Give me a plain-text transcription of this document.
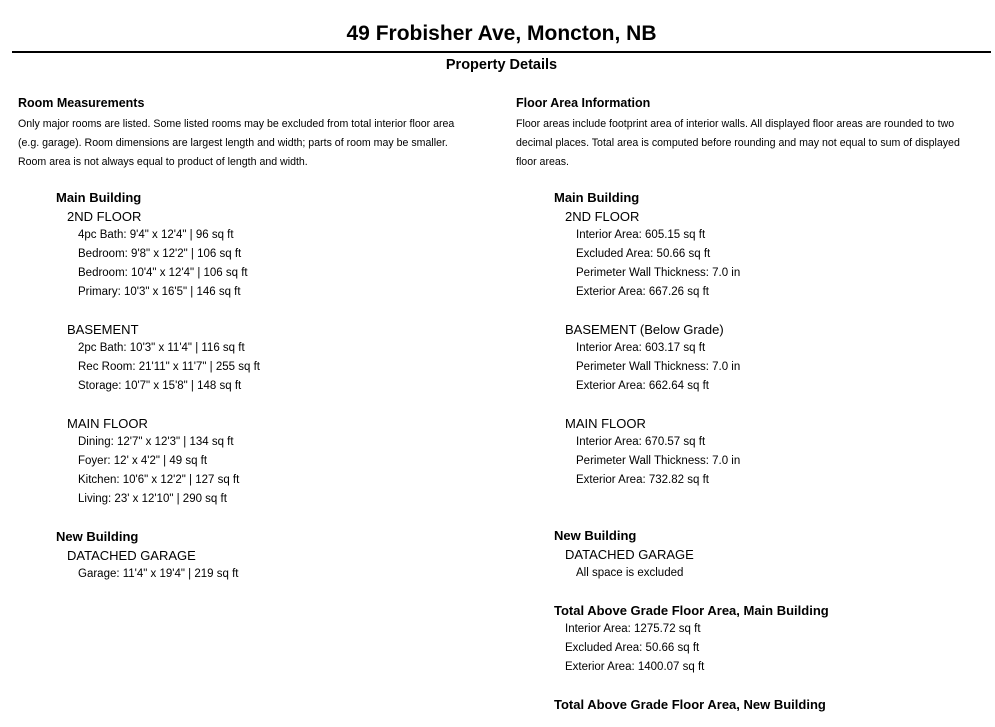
49 Frobisher Ave, Moncton, NB
Property Details

Room Measurements

Only major rooms are listed. Some listed rooms may be excluded from total interior floor area

(e.g. garage). Room dimensions are largest length and width; parts of room may be smaller.

Room area is not always equal to product of length and width.

Main Building
2ND FLOOR
4pc Bath: 9'4" x 12'4" | 96 sq ft
Bedroom: 9'8" x 12'2" | 106 sq ft
Bedroom: 10'4" x 12'4" | 106 sq ft
Primary: 10'3" x 16'5" | 146 sq ft
BASEMENT
2pc Bath: 10'3" x 11'4" | 116 sq ft
Rec Room: 21'11" x 11'7" | 255 sq ft
Storage: 10'7" x 15'8" | 148 sq ft
MAIN FLOOR
Dining: 12'7" x 12'3" | 134 sq ft
Foyer: 12' x 4'2" | 49 sq ft
Kitchen: 10'6" x 12'2" | 127 sq ft
Living: 23' x 12'10" | 290 sq ft
New Building
DATACHED GARAGE
Garage: 11'4" x 19'4" | 219 sq ft

Floor Area Information

Floor areas include footprint area of interior walls. All displayed floor areas are rounded to two

decimal places. Total area is computed before rounding and may not equal to sum of displayed

floor areas.

Main Building
2ND FLOOR
Interior Area: 605.15 sq ft
Excluded Area: 50.66 sq ft
Perimeter Wall Thickness: 7.0 in
Exterior Area: 667.26 sq ft
BASEMENT (Below Grade)
Interior Area: 603.17 sq ft
Perimeter Wall Thickness: 7.0 in
Exterior Area: 662.64 sq ft
MAIN FLOOR
Interior Area: 670.57 sq ft
Perimeter Wall Thickness: 7.0 in
Exterior Area: 732.82 sq ft
New Building
DATACHED GARAGE
All space is excluded
Total Above Grade Floor Area, Main Building
Interior Area: 1275.72 sq ft
Excluded Area: 50.66 sq ft
Exterior Area: 1400.07 sq ft
Total Above Grade Floor Area, New Building
